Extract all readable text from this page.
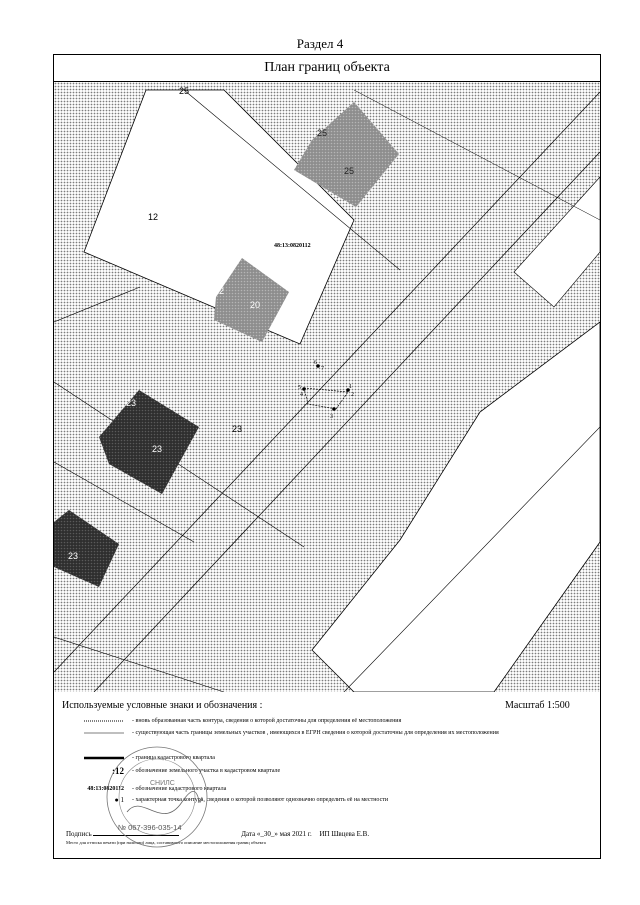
Раздел 4
План границ объекта
25
25
25
12
12
20
48:13:0820112
23
23
23
23
1
2
3
4
5
6
7
Используемые условные знаки и обозначения :	Масштаб 1:500
- вновь образованная часть контура, сведения о которой достаточны для определения её местоположения
- существующая часть границы земельных участков , имеющихся в ЕГРН сведения о которой достаточны для определения их местоположения
- граница кадастрового квартала
:12 - обозначение земельного участка в кадастровом квартале
48:13:0820112 - обозначение кадастрового квартала
● 1 - характерная точка контура, сведения о которой позволяют однозначно определить её на местности
Подпись	Дата «_30_» мая 2021 г. ИП Швцева Е.В.
Место для оттиска печати (при наличии) лица, составившего описание местоположения границ объекта
СНИЛС
№ 067-396-035-14
